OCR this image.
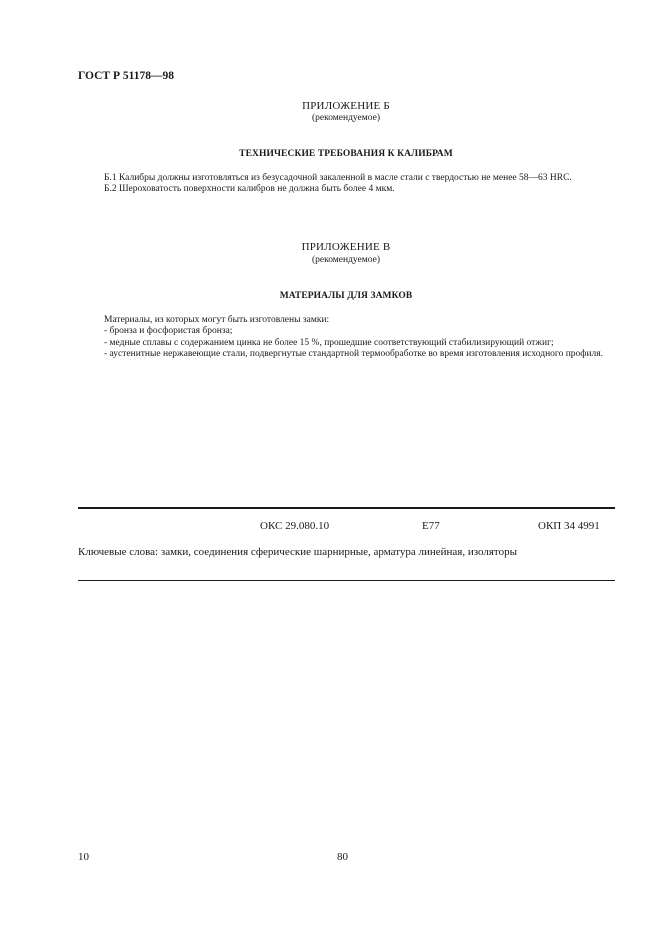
ГОСТ Р 51178—98
ПРИЛОЖЕНИЕ Б
(рекомендуемое)
ТЕХНИЧЕСКИЕ ТРЕБОВАНИЯ К КАЛИБРАМ

Б.1 Калибры должны изготовляться из безусадочной закаленной в масле стали с твердостью не менее 58—63 HRC.

Б.2 Шероховатость поверхности калибров не должна быть более 4 мкм.

ПРИЛОЖЕНИЕ В
(рекомендуемое)
МАТЕРИАЛЫ ДЛЯ ЗАМКОВ

Материалы, из которых могут быть изготовлены замки:

- бронза и фосфористая бронза;

- медные сплавы с содержанием цинка не более 15 %, прошедшие соответствующий стабилизирующий отжиг;

- аустенитные нержавеющие стали, подвергнутые стандартной термообработке во время изготовления исходного профиля.

ОКС 29.080.10	Е77	ОКП 34 4991
Ключевые слова: замки, соединения сферические шарнирные, арматура линейная, изоляторы
10	80
